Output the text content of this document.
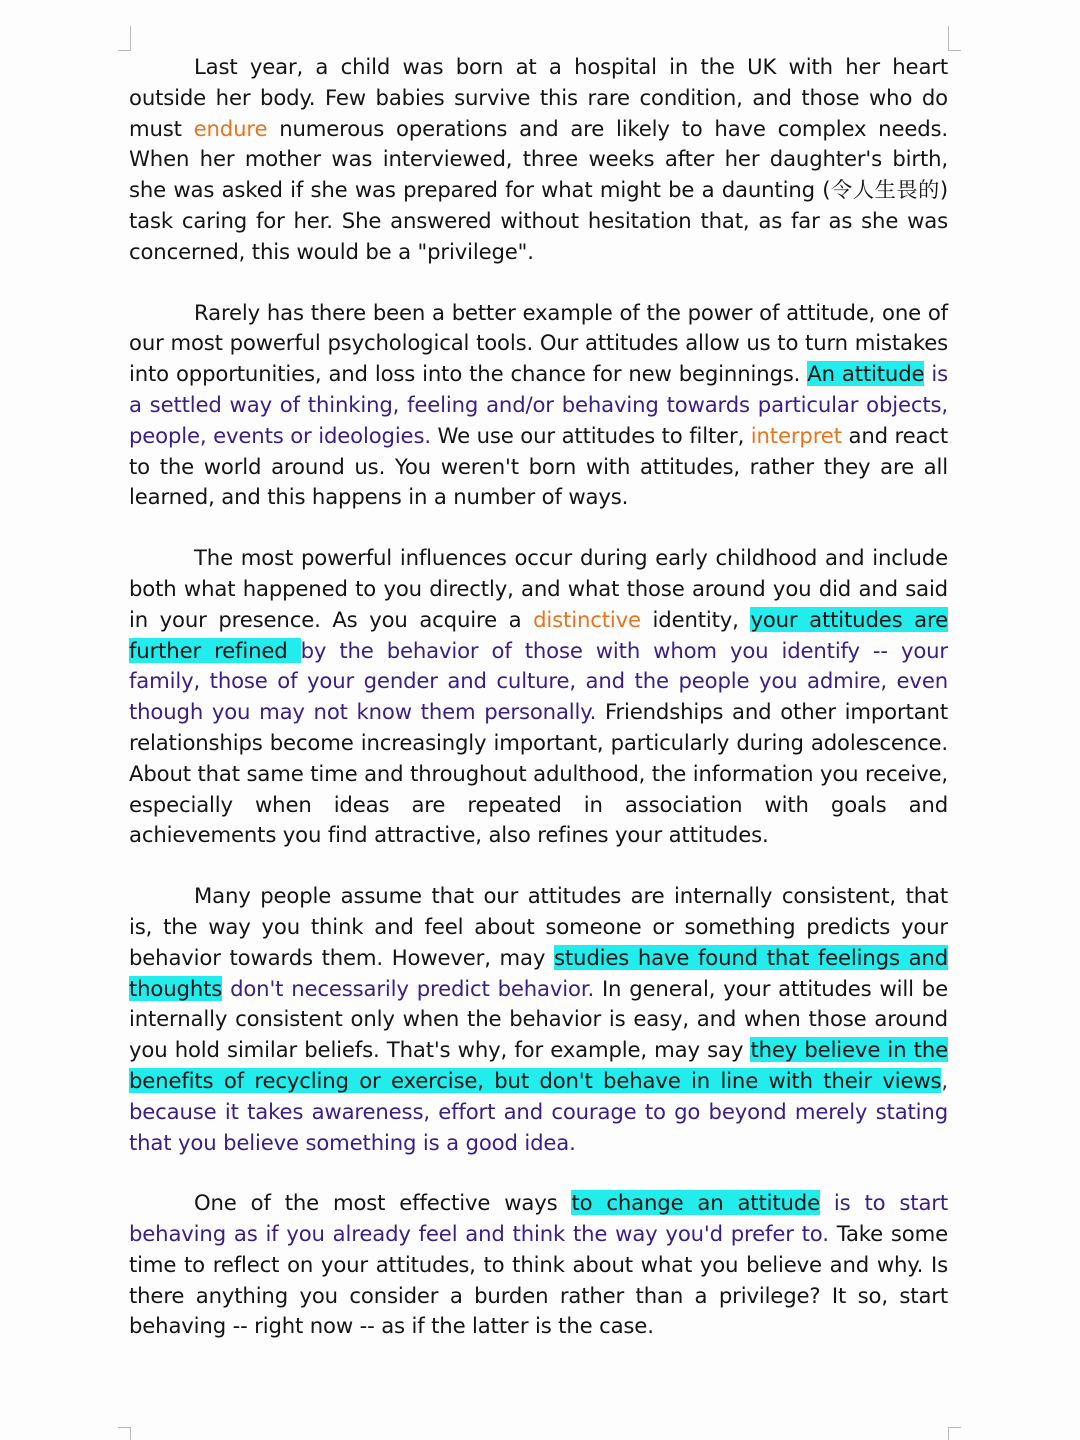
Last year, a child was born at a hospital in the UK with her heart outside her body. Few babies survive this rare condition, and those who do must endure numerous operations and are likely to have complex needs. When her mother was interviewed, three weeks after her daughter's birth, she was asked if she was prepared for what might be a daunting (令人生畏的) task caring for her. She answered without hesitation that, as far as she was concerned, this would be a "privilege".

Rarely has there been a better example of the power of attitude, one of our most powerful psychological tools. Our attitudes allow us to turn mistakes into opportunities, and loss into the chance for new beginnings. An attitude is a settled way of thinking, feeling and/or behaving towards particular objects, people, events or ideologies. We use our attitudes to filter, interpret and react to the world around us. You weren't born with attitudes, rather they are all learned, and this happens in a number of ways.

The most powerful influences occur during early childhood and include both what happened to you directly, and what those around you did and said in your presence. As you acquire a distinctive identity, your attitudes are further refined by the behavior of those with whom you identify -- your family, those of your gender and culture, and the people you admire, even though you may not know them personally. Friendships and other important relationships become increasingly important, particularly during adolescence. About that same time and throughout adulthood, the information you receive, especially when ideas are repeated in association with goals and achievements you find attractive, also refines your attitudes.

Many people assume that our attitudes are internally consistent, that is, the way you think and feel about someone or something predicts your behavior towards them. However, may studies have found that feelings and thoughts don't necessarily predict behavior. In general, your attitudes will be internally consistent only when the behavior is easy, and when those around you hold similar beliefs. That's why, for example, may say they believe in the benefits of recycling or exercise, but don't behave in line with their views, because it takes awareness, effort and courage to go beyond merely stating that you believe something is a good idea.

One of the most effective ways to change an attitude is to start behaving as if you already feel and think the way you'd prefer to. Take some time to reflect on your attitudes, to think about what you believe and why. Is there anything you consider a burden rather than a privilege? It so, start behaving -- right now -- as if the latter is the case.
